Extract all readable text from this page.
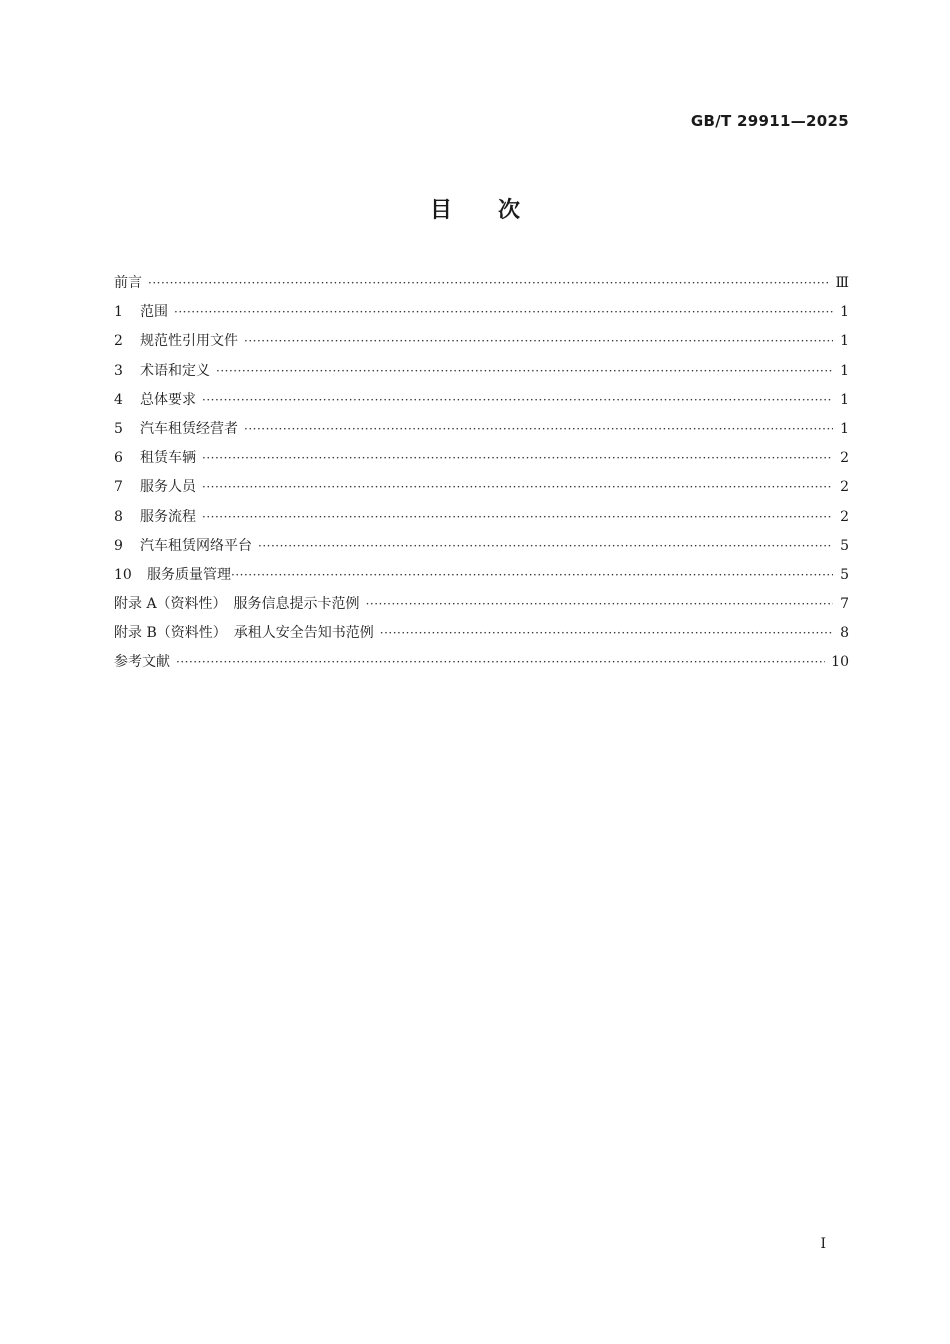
GB/T 29911—2025
目次
前言 ·····	Ⅲ
1	范围 ·····	1
2	规范性引用文件 ·····	1
3	术语和定义 ·····	1
4	总体要求 ·····	1
5	汽车租赁经营者 ·····	1
6	租赁车辆 ·····	2
7	服务人员 ·····	2
8	服务流程 ·····	2
9	汽车租赁网络平台 ·····	5
10	服务质量管理 ·····	5
附录 A（资料性）　服务信息提示卡范例 ·····	7
附录 B（资料性）　承租人安全告知书范例 ·····	8
参考文献 ·····	10
I
